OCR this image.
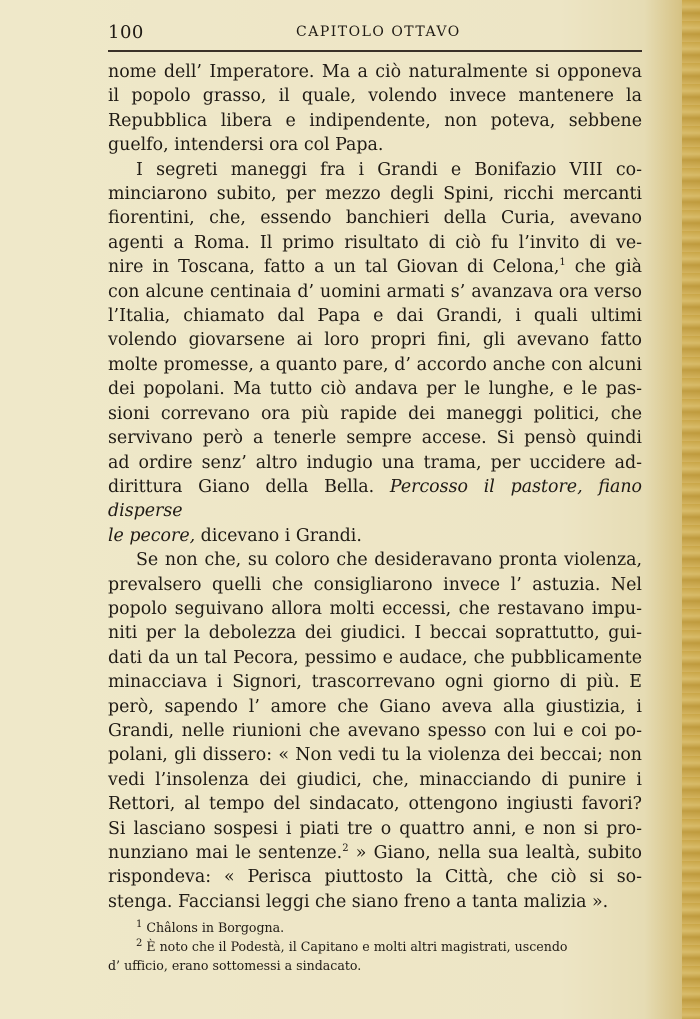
100	CAPITOLO OTTAVO

nome dell’ Imperatore. Ma a ciò naturalmente si opponeva

il popolo grasso, il quale, volendo invece mantenere la

Repubblica libera e indipendente, non poteva, sebbene

guelfo, intendersi ora col Papa.

I segreti maneggi fra i Grandi e Bonifazio VIII co-

minciarono subito, per mezzo degli Spini, ricchi mercanti

fiorentini, che, essendo banchieri della Curia, avevano

agenti a Roma. Il primo risultato di ciò fu l’invito di ve-

nire in Toscana, fatto a un tal Giovan di Celona,$^1$ che già

con alcune centinaia d’ uomini armati s’ avanzava ora verso

l’Italia, chiamato dal Papa e dai Grandi, i quali ultimi

volendo giovarsene ai loro propri fini, gli avevano fatto

molte promesse, a quanto pare, d’ accordo anche con alcuni

dei popolani. Ma tutto ciò andava per le lunghe, e le pas-

sioni correvano ora più rapide dei maneggi politici, che

servivano però a tenerle sempre accese. Si pensò quindi

ad ordire senz’ altro indugio una trama, per uccidere ad-

dirittura Giano della Bella. Percosso il pastore, fiano disperse

le pecore, dicevano i Grandi.

Se non che, su coloro che desideravano pronta violenza,

prevalsero quelli che consigliarono invece l’ astuzia. Nel

popolo seguivano allora molti eccessi, che restavano impu-

niti per la debolezza dei giudici. I beccai soprattutto, gui-

dati da un tal Pecora, pessimo e audace, che pubblicamente

minacciava i Signori, trascorrevano ogni giorno di più. E

però, sapendo l’ amore che Giano aveva alla giustizia, i

Grandi, nelle riunioni che avevano spesso con lui e coi po-

polani, gli dissero: « Non vedi tu la violenza dei beccai; non

vedi l’insolenza dei giudici, che, minacciando di punire i

Rettori, al tempo del sindacato, ottengono ingiusti favori?

Si lasciano sospesi i piati tre o quattro anni, e non si pro-

nunziano mai le sentenze.$^2$ » Giano, nella sua lealtà, subito

rispondeva: « Perisca piuttosto la Città, che ciò si so-

stenga. Facciansi leggi che siano freno a tanta malizia ».

$^1$ Châlons in Borgogna.

$^2$ È noto che il Podestà, il Capitano e molti altri magistrati, uscendo

d’ ufficio, erano sottomessi a sindacato.
